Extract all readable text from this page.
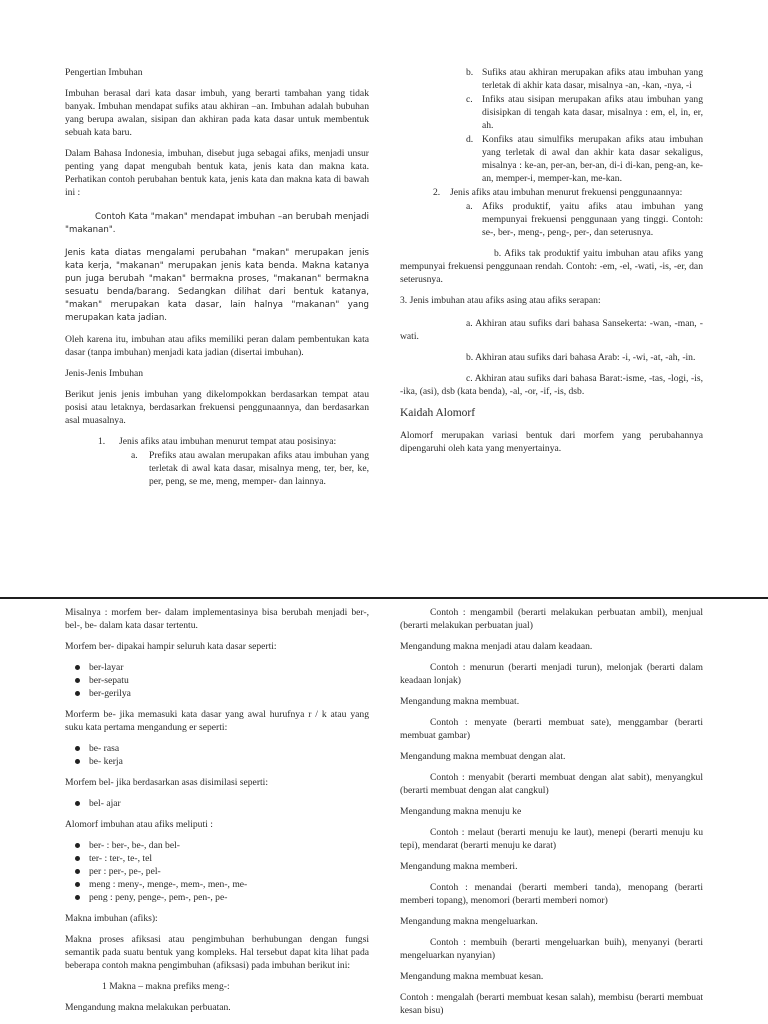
Pengertian Imbuhan

Imbuhan berasal dari kata dasar imbuh, yang berarti tambahan yang tidak banyak. Imbuhan mendapat sufiks atau akhiran –an. Imbuhan adalah bubuhan yang berupa awalan, sisipan dan akhiran pada kata dasar untuk membentuk sebuah kata baru.

Dalam Bahasa Indonesia, imbuhan, disebut juga sebagai afiks, menjadi unsur penting yang dapat mengubah bentuk kata, jenis kata dan makna kata. Perhatikan contoh perubahan bentuk kata, jenis kata dan makna kata di bawah ini :

Contoh Kata "makan" mendapat imbuhan –an berubah menjadi "makanan".

Jenis kata diatas mengalami perubahan "makan" merupakan jenis kata kerja, "makanan" merupakan jenis kata benda. Makna katanya pun juga berubah "makan" bermakna proses, "makanan" bermakna sesuatu benda/barang. Sedangkan dilihat dari bentuk katanya, "makan" merupakan kata dasar, lain halnya "makanan" yang merupakan kata jadian.

Oleh karena itu, imbuhan atau afiks memiliki peran dalam pembentukan kata dasar (tanpa imbuhan) menjadi kata jadian (disertai imbuhan).

Jenis-Jenis Imbuhan

Berikut jenis jenis imbuhan yang dikelompokkan berdasarkan tempat atau posisi atau letaknya, berdasarkan frekuensi penggunaannya, dan berdasarkan asal muasalnya.

1. Jenis afiks atau imbuhan menurut tempat atau posisinya:
a. Prefiks atau awalan merupakan afiks atau imbuhan yang terletak di awal kata dasar, misalnya meng, ter, ber, ke, per, peng, se me, meng, memper- dan lainnya.
b. Sufiks atau akhiran merupakan afiks atau imbuhan yang terletak di akhir kata dasar, misalnya -an, -kan, -nya, -i
c. Infiks atau sisipan merupakan afiks atau imbuhan yang disisipkan di tengah kata dasar, misalnya : em, el, in, er, ah.
d. Konfiks atau simulfiks merupakan afiks atau imbuhan yang terletak di awal dan akhir kata dasar sekaligus, misalnya : ke-an, per-an, ber-an, di-i di-kan, peng-an, ke-an, memper-i, memper-kan, me-kan.
2. Jenis afiks atau imbuhan menurut frekuensi penggunaannya:
a. Afiks produktif, yaitu afiks atau imbuhan yang mempunyai frekuensi penggunaan yang tinggi. Contoh: se-, ber-, meng-, peng-, per-, dan seterusnya.

b. Afiks tak produktif yaitu imbuhan atau afiks yang mempunyai frekuensi penggunaan rendah. Contoh: -em, -el, -wati, -is, -er, dan seterusnya.

3. Jenis imbuhan atau afiks asing atau afiks serapan:

a. Akhiran atau sufiks dari bahasa Sansekerta: -wan, -man, -wati.

b. Akhiran atau sufiks dari bahasa Arab: -i, -wi, -at, -ah, -in.

c. Akhiran atau sufiks dari bahasa Barat:-isme, -tas, -logi, -is, -ika, (asi), dsb (kata benda), -al, -or, -if, -is, dsb.

Kaidah Alomorf

Alomorf merupakan variasi bentuk dari morfem yang perubahannya dipengaruhi oleh kata yang menyertainya.

Misalnya : morfem ber- dalam implementasinya bisa berubah menjadi ber-, bel-, be- dalam kata dasar tertentu.

Morfem ber- dipakai hampir seluruh kata dasar seperti:

ber-layar
ber-sepatu
ber-gerilya

Morferm be- jika memasuki kata dasar yang awal hurufnya r / k atau yang suku kata pertama mengandung er seperti:

be- rasa
be- kerja

Morfem bel- jika berdasarkan asas disimilasi seperti:

bel- ajar

Alomorf imbuhan atau afiks meliputi :

ber- : ber-, be-, dan bel-
ter- : ter-, te-, tel
per : per-, pe-, pel-
meng : meny-, menge-, mem-, men-, me-
peng : peny, penge-, pem-, pen-, pe-

Makna imbuhan (afiks):

Makna proses afiksasi atau pengimbuhan berhubungan dengan fungsi semantik pada suatu bentuk yang kompleks. Hal tersebut dapat kita lihat pada beberapa contoh makna pengimbuhan (afiksasi) pada imbuhan berikut ini:

1 Makna – makna prefiks meng-:

Mengandung makna melakukan perbuatan.

Contoh : mengambil (berarti melakukan perbuatan ambil), menjual (berarti melakukan perbuatan jual)

Mengandung makna menjadi atau dalam keadaan.

Contoh : menurun (berarti menjadi turun), melonjak (berarti dalam keadaan lonjak)

Mengandung makna membuat.

Contoh : menyate (berarti membuat sate), menggambar (berarti membuat gambar)

Mengandung makna membuat dengan alat.

Contoh : menyabit (berarti membuat dengan alat sabit), menyangkul (berarti membuat dengan alat cangkul)

Mengandung makna menuju ke

Contoh : melaut (berarti menuju ke laut), menepi (berarti menuju ku tepi), mendarat (berarti menuju ke darat)

Mengandung makna memberi.

Contoh : menandai (berarti memberi tanda), menopang (berarti memberi topang), menomori (berarti memberi nomor)

Mengandung makna mengeluarkan.

Contoh : membuih (berarti mengeluarkan buih), menyanyi (berarti mengeluarkan nyanyian)

Mengandung makna membuat kesan.

Contoh : mengalah (berarti membuat kesan salah), membisu (berarti membuat kesan bisu)
